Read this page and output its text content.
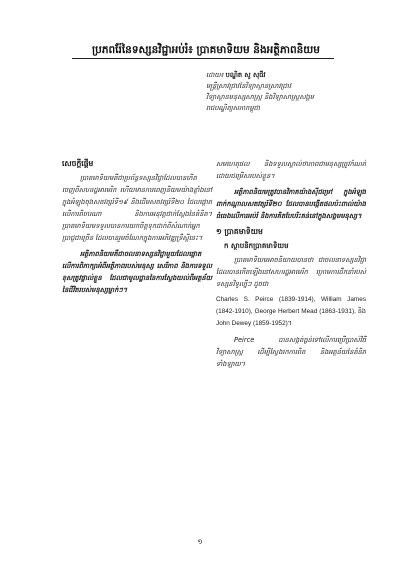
ប្រភពរ៉ែនៃទស្សនវិជ្ជាអប់រំ៖ ប្រាគមាទិយម និងអត្ថិភាពនិយម
ដោយ៖ បណ្ឌិត សូ សុជីវ
មន្ត្រីស្រាវជ្រាវនៃវិទ្យាស្ថានស្រាវជ្រាវ
វិទ្យាស្ថានមនុស្សសាស្ត្រ និងវិទ្យាសាស្ត្រសង្គម
រាជបណ្ឌិត្យសភាកម្ពុជា
សេចក្ដីផ្ដើម

ប្រាគមាទិយមគឺជាប្រព័ន្ធទស្សនវិជ្ជាដែលបានកើតចេញពីសហរដ្ឋអាមេរិក ហើយមានការពេញនិយមយ៉ាងខ្លាំងនៅក្នុងអំឡុងចុងសតវត្សរ៍ទី១៩ និងដើមសតវត្សរ៍ទី២០ ដែលផ្ដោតលើការពិចារណា និងការអនុវត្តជាក់ស្ដែងនៃគំនិត។ ប្រាគមាទិយមទទួលបានការយកចិត្តទុកដាក់ពីសំណាក់អ្នកប្រាជ្ញជាច្រើន ដែលបានរួមចំណែកក្នុងការអភិវឌ្ឍទ្រឹស្ដីនេះ។

អត្ថិភាពនិយមគឺជាចលនាទស្សនវិជ្ជាមួយដែលផ្ដោតលើការពិភាក្សាអំពីអត្ថិភាពរបស់មនុស្ស សេរីភាព និងការទទួលខុសត្រូវផ្ទាល់ខ្លួន ដែលជាមូលដ្ឋាននៃការស្វែងយល់ពីអត្ថន័យនៃជីវិតរបស់មនុស្សម្នាក់ៗ។

សមហេតុផល និងទទួលស្គាល់ថាភាពជាមនុស្សត្រូវកំណត់ដោយជម្រើសរបស់ខ្លួន។

អត្ថិភាពនិយមត្រូវបានវិភាគយ៉ាងស៊ីជម្រៅ ក្នុងអំឡុងពាក់កណ្ដាលសតវត្សរ៍ទី២០ ដែលបានបង្កើតផលប៉ះពាល់យ៉ាងធំធេងលើការអប់រំ និងការគិតបែបរិះគន់នៅក្នុងសង្គមមនុស្ស។

១ ប្រាគមាទិយម
ក ស្ថាបនិកប្រាគមាទិយម

ប្រាគមាទិយមអាចនិយាយបានថា ជាចលនាទស្សនវិជ្ជាដែលបានកើតឡើងនៅសហរដ្ឋអាមេរិក ក្រោមការដឹកនាំរបស់ទស្សនវិទូល្បីៗ ដូចជា

Charles S. Peirce (1839-1914), William James (1842-1910), George Herbert Mead (1863-1931), និង John Dewey (1859-1952)។

Peirce បានសង្កត់ធ្ងន់ទៅលើការប្រើប្រាស់វិធីវិទ្យាសាស្ត្រ ដើម្បីស្វែងរកការពិត និងអត្ថន័យនៃគំនិតទាំងឡាយ។

១
